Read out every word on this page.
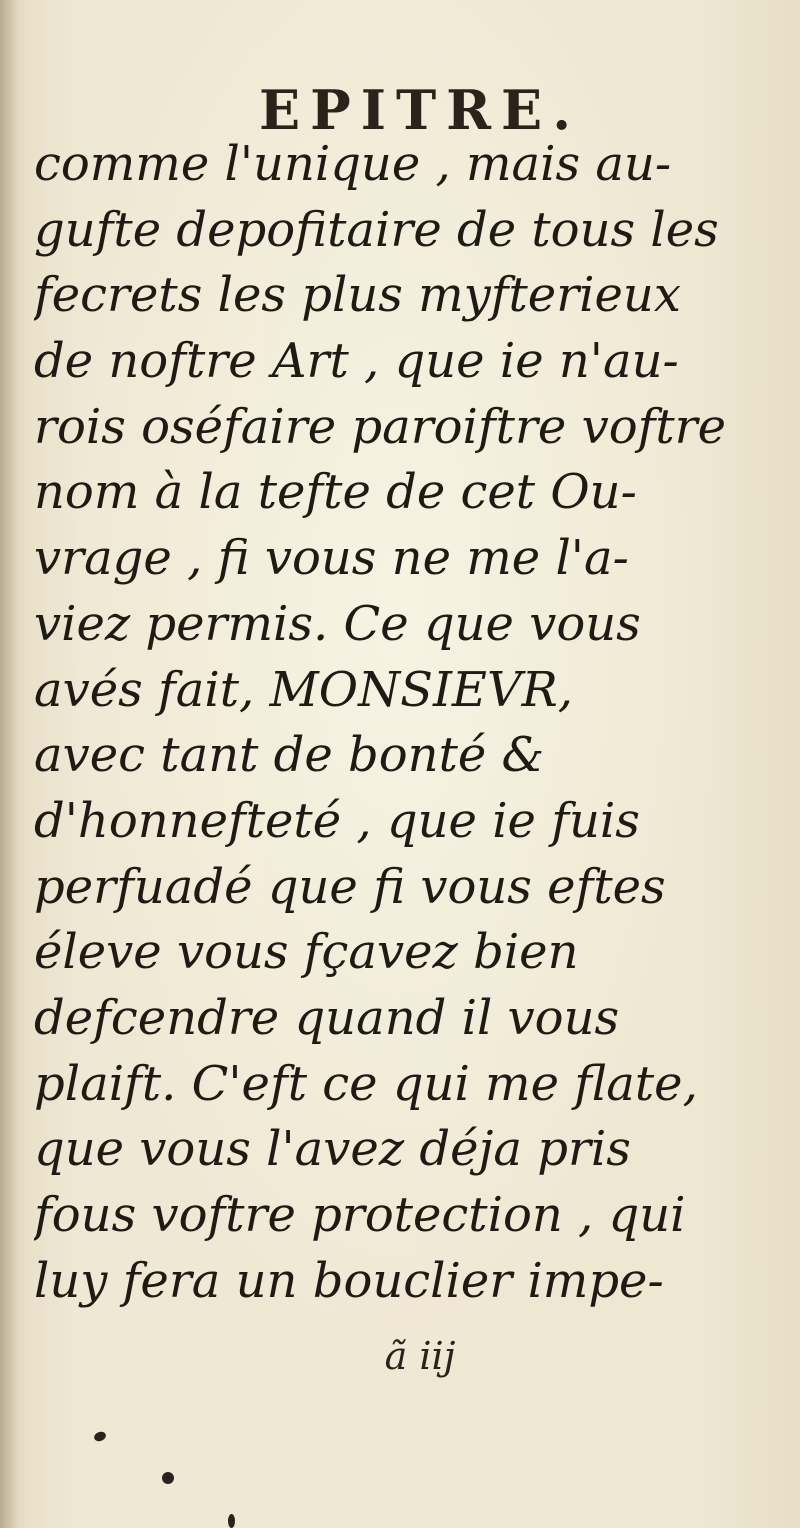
EPITRE.
comme l'unique , mais au-
gufte depofitaire de tous les
fecrets les plus myfterieux
de noftre Art , que ie n'au-
rois oséfaire paroiftre voftre
nom à la tefte de cet Ou-
vrage , fi vous ne me l'a-
viez permis. Ce que vous
avés fait, MONSIEVR,
avec tant de bonté &
d'honnefteté , que ie fuis
perfuadé que fi vous eftes
éleve vous fçavez bien
defcendre quand il vous
plaift. C'eft ce qui me flate,
que vous l'avez déja pris
fous voftre protection , qui
luy fera un bouclier impe-
ã iij
